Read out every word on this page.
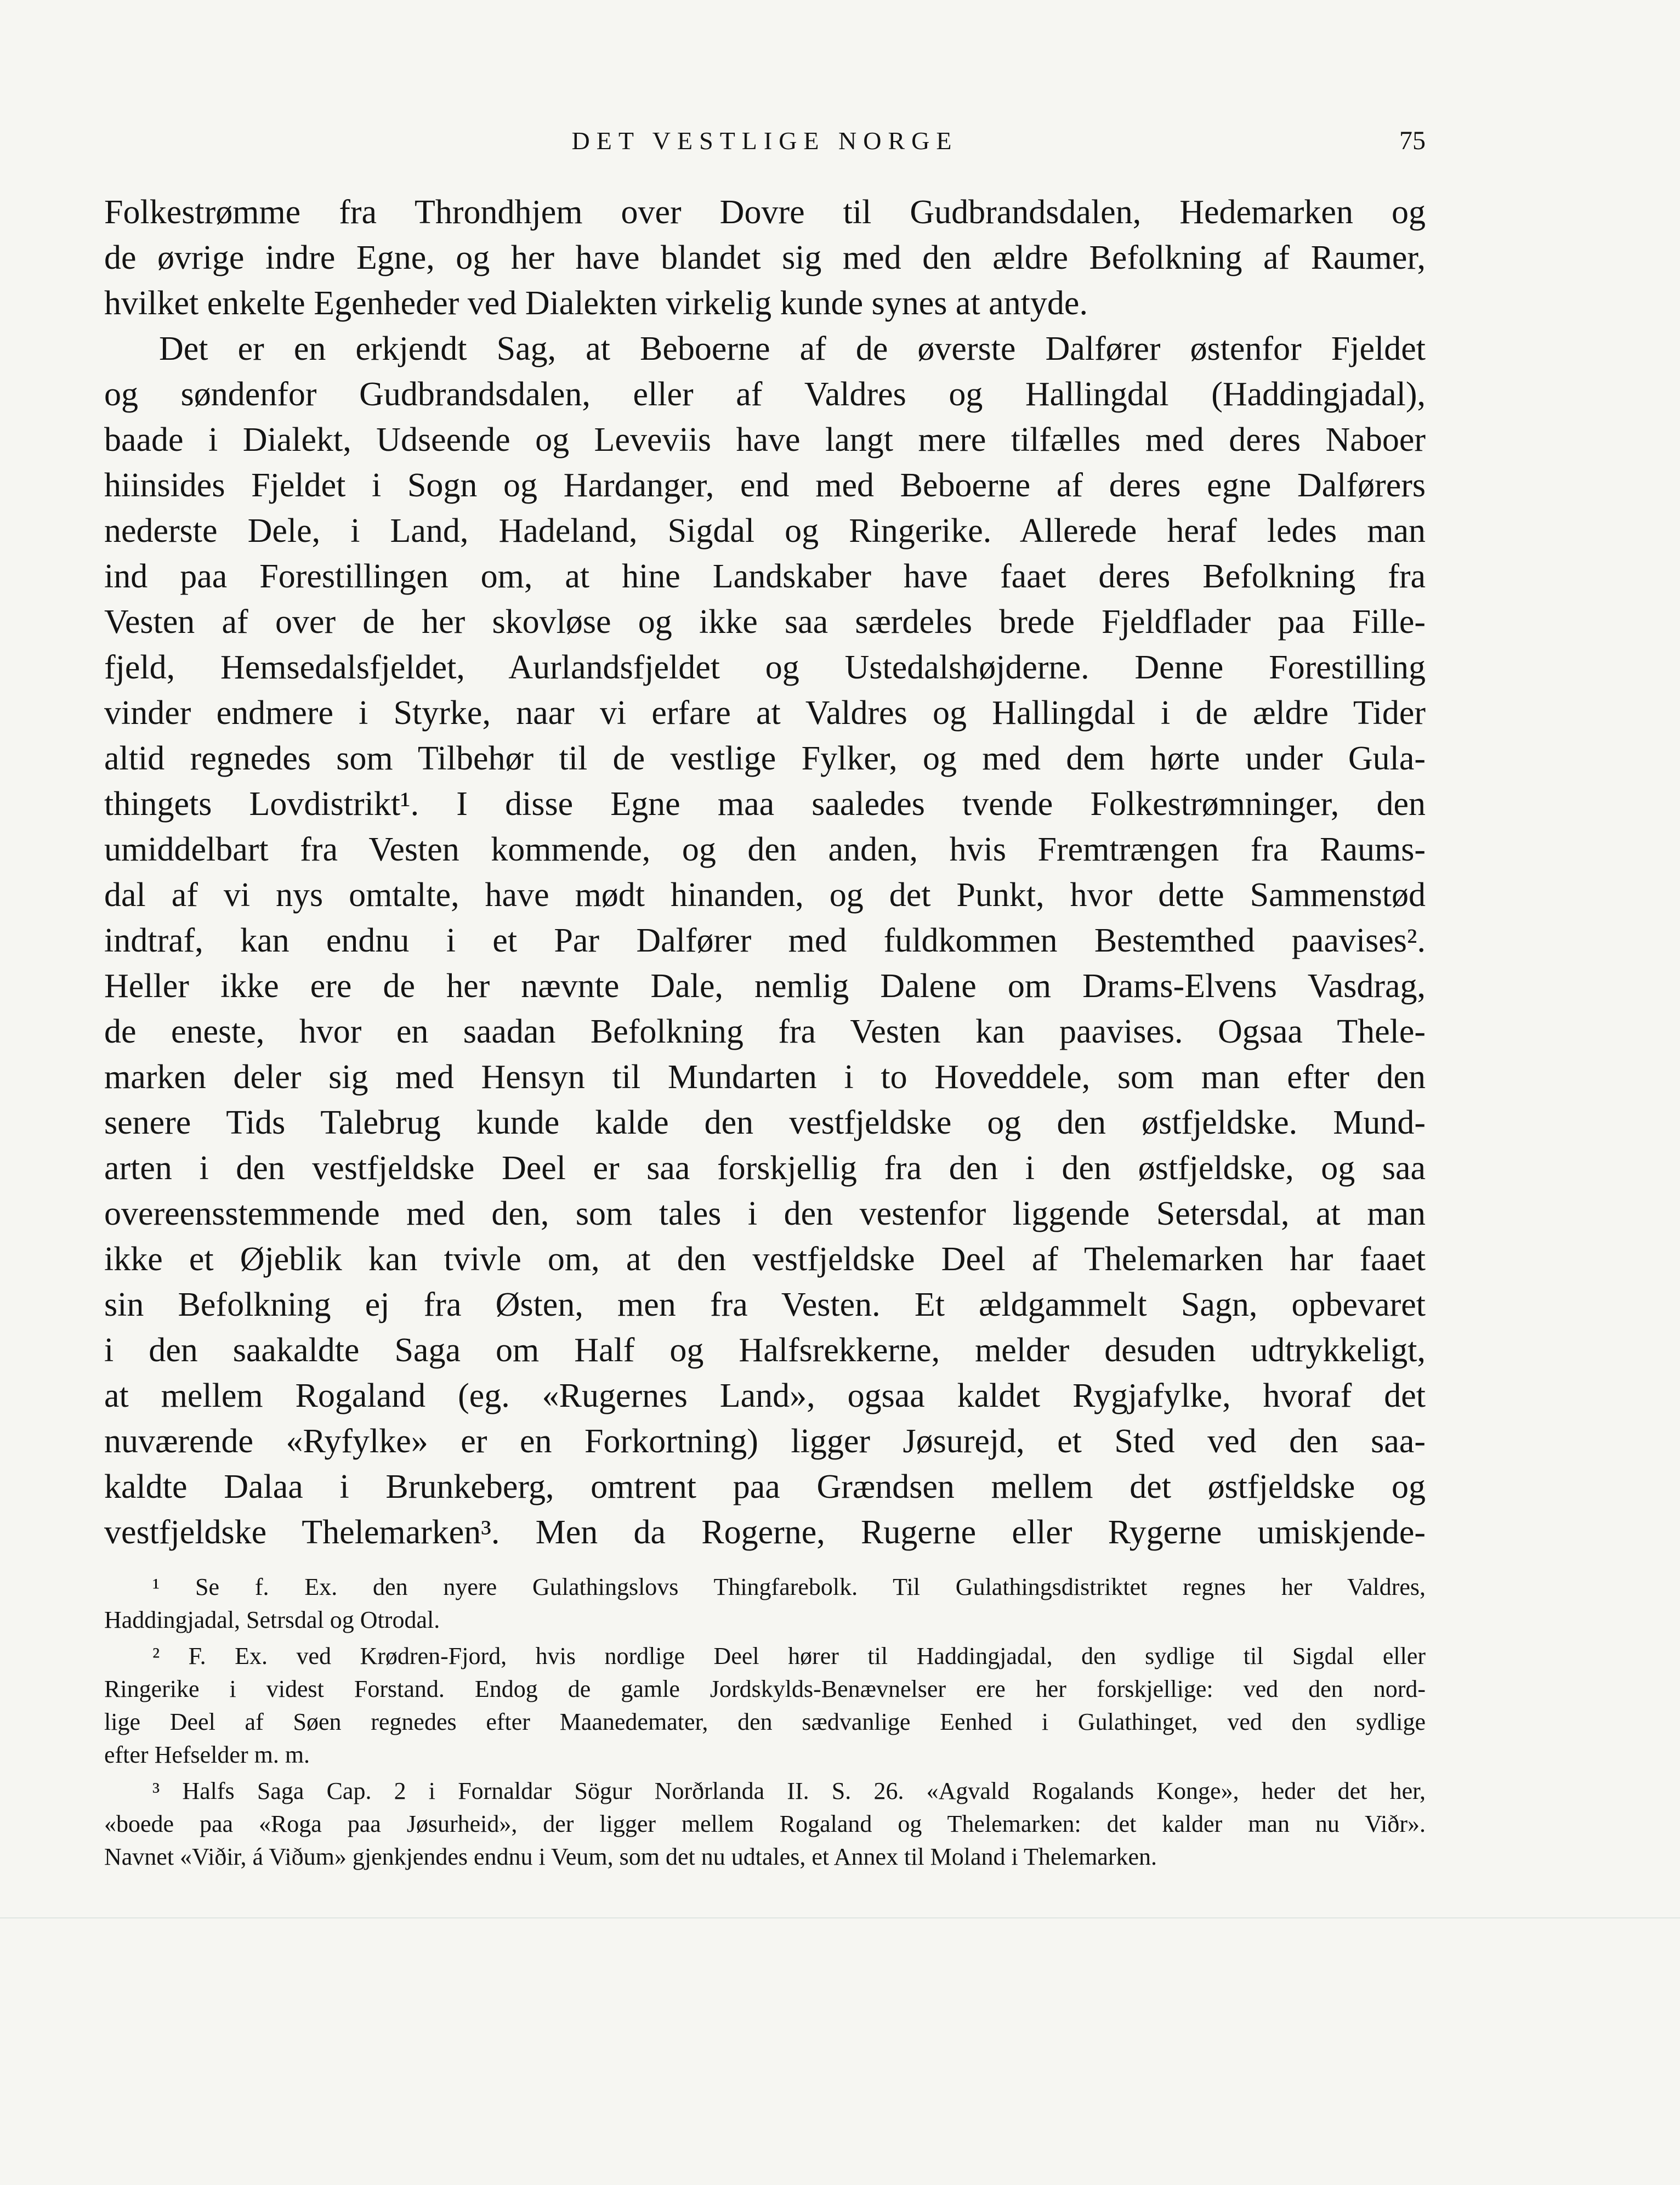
DET VESTLIGE NORGE	75
Folkestrømme fra Throndhjem over Dovre til Gudbrandsdalen, Hedemarken og
de øvrige indre Egne, og her have blandet sig med den ældre Befolkning af Raumer,
hvilket enkelte Egenheder ved Dialekten virkelig kunde synes at antyde.
Det er en erkjendt Sag, at Beboerne af de øverste Dalfører østenfor Fjeldet
og søndenfor Gudbrandsdalen, eller af Valdres og Hallingdal (Haddingjadal),
baade i Dialekt, Udseende og Leveviis have langt mere tilfælles med deres Naboer
hiinsides Fjeldet i Sogn og Hardanger, end med Beboerne af deres egne Dalførers
nederste Dele, i Land, Hadeland, Sigdal og Ringerike. Allerede heraf ledes man
ind paa Forestillingen om, at hine Landskaber have faaet deres Befolkning fra
Vesten af over de her skovløse og ikke saa særdeles brede Fjeldflader paa Fille-
fjeld, Hemsedalsfjeldet, Aurlandsfjeldet og Ustedalshøjderne. Denne Forestilling
vinder endmere i Styrke, naar vi erfare at Valdres og Hallingdal i de ældre Tider
altid regnedes som Tilbehør til de vestlige Fylker, og med dem hørte under Gula-
thingets Lovdistrikt¹. I disse Egne maa saaledes tvende Folkestrømninger, den
umiddelbart fra Vesten kommende, og den anden, hvis Fremtrængen fra Raums-
dal af vi nys omtalte, have mødt hinanden, og det Punkt, hvor dette Sammenstød
indtraf, kan endnu i et Par Dalfører med fuldkommen Bestemthed paavises².
Heller ikke ere de her nævnte Dale, nemlig Dalene om Drams-Elvens Vasdrag,
de eneste, hvor en saadan Befolkning fra Vesten kan paavises. Ogsaa Thele-
marken deler sig med Hensyn til Mundarten i to Hoveddele, som man efter den
senere Tids Talebrug kunde kalde den vestfjeldske og den østfjeldske. Mund-
arten i den vestfjeldske Deel er saa forskjellig fra den i den østfjeldske, og saa
overeensstemmende med den, som tales i den vestenfor liggende Setersdal, at man
ikke et Øjeblik kan tvivle om, at den vestfjeldske Deel af Thelemarken har faaet
sin Befolkning ej fra Østen, men fra Vesten. Et ældgammelt Sagn, opbevaret
i den saakaldte Saga om Half og Halfsrekkerne, melder desuden udtrykkeligt,
at mellem Rogaland (eg. «Rugernes Land», ogsaa kaldet Rygjafylke, hvoraf det
nuværende «Ryfylke» er en Forkortning) ligger Jøsurejd, et Sted ved den saa-
kaldte Dalaa i Brunkeberg, omtrent paa Grændsen mellem det østfjeldske og
vestfjeldske Thelemarken³. Men da Rogerne, Rugerne eller Rygerne umiskjende-
¹ Se f. Ex. den nyere Gulathingslovs Thingfarebolk. Til Gulathingsdistriktet regnes her Valdres,
Haddingjadal, Setrsdal og Otrodal.
² F. Ex. ved Krødren-Fjord, hvis nordlige Deel hører til Haddingjadal, den sydlige til Sigdal eller
Ringerike i videst Forstand. Endog de gamle Jordskylds-Benævnelser ere her forskjellige: ved den nord-
lige Deel af Søen regnedes efter Maanedemater, den sædvanlige Eenhed i Gulathinget, ved den sydlige
efter Hefselder m. m.
³ Halfs Saga Cap. 2 i Fornaldar Sögur Norðrlanda II. S. 26. «Agvald Rogalands Konge», heder det her,
«boede paa «Roga paa Jøsurheid», der ligger mellem Rogaland og Thelemarken: det kalder man nu Viðr».
Navnet «Viðir, á Viðum» gjenkjendes endnu i Veum, som det nu udtales, et Annex til Moland i Thelemarken.
